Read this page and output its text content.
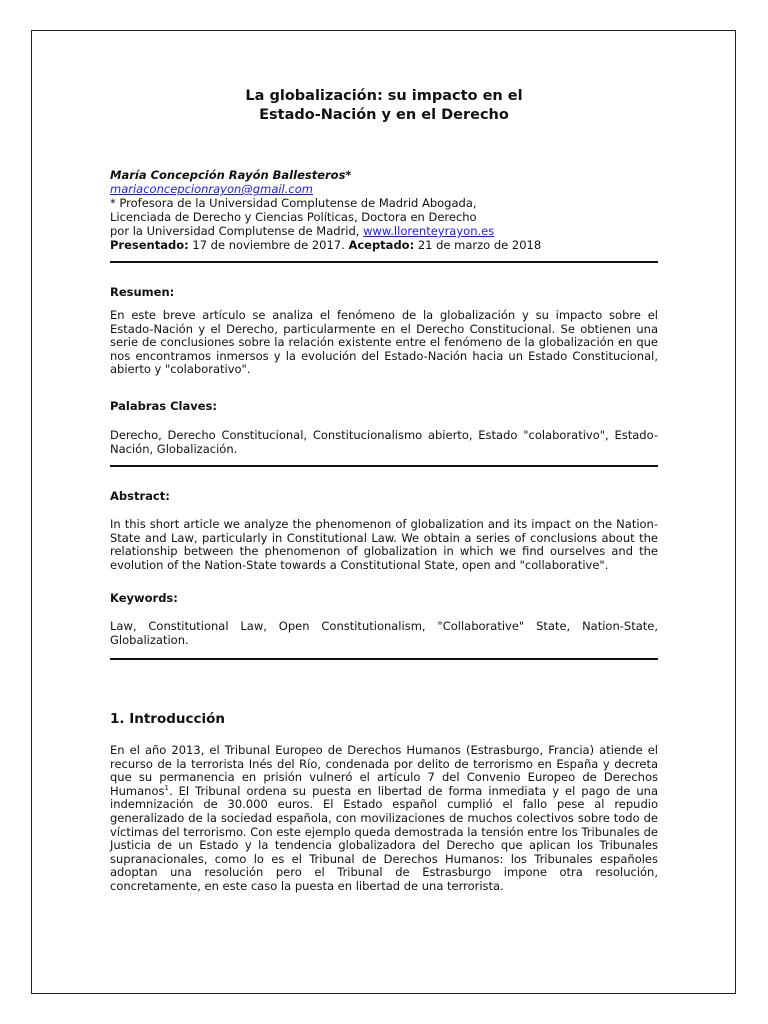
La globalización: su impacto en el
Estado-Nación y en el Derecho
María Concepción Rayón Ballesteros*
mariaconcepcionrayon@gmail.com

* Profesora de la Universidad Complutense de Madrid Abogada,

Licenciada de Derecho y Ciencias Políticas, Doctora en Derecho

por la Universidad Complutense de Madrid, www.llorenteyrayon.es

Presentado: 17 de noviembre de 2017. Aceptado: 21 de marzo de 2018
Resumen:

En este breve artículo se analiza el fenómeno de la globalización y su impacto sobre el Estado-Nación y el Derecho, particularmente en el Derecho Constitucional. Se obtienen una serie de conclusiones sobre la relación existente entre el fenómeno de la globalización en que nos encontramos inmersos y la evolución del Estado-Nación hacia un Estado Constitucional, abierto y "colaborativo".

Palabras Claves:

Derecho, Derecho Constitucional, Constitucionalismo abierto, Estado "colaborativo", Estado-Nación, Globalización.

Abstract:

In this short article we analyze the phenomenon of globalization and its impact on the Nation-State and Law, particularly in Constitutional Law. We obtain a series of conclusions about the relationship between the phenomenon of globalization in which we find ourselves and the evolution of the Nation-State towards a Constitutional State, open and "collaborative".

Keywords:

Law, Constitutional Law, Open Constitutionalism, "Collaborative" State, Nation-State, Globalization.

1. Introducción

En el año 2013, el Tribunal Europeo de Derechos Humanos (Estrasburgo, Francia) atiende el recurso de la terrorista Inés del Río, condenada por delito de terrorismo en España y decreta que su permanencia en prisión vulneró el artículo 7 del Convenio Europeo de Derechos Humanos$^1$. El Tribunal ordena su puesta en libertad de forma inmediata y el pago de una indemnización de 30.000 euros. El Estado español cumplió el fallo pese al repudio generalizado de la sociedad española, con movilizaciones de muchos colectivos sobre todo de víctimas del terrorismo. Con este ejemplo queda demostrada la tensión entre los Tribunales de Justicia de un Estado y la tendencia globalizadora del Derecho que aplican los Tribunales supranacionales, como lo es el Tribunal de Derechos Humanos: los Tribunales españoles adoptan una resolución pero el Tribunal de Estrasburgo impone otra resolución, concretamente, en este caso la puesta en libertad de una terrorista.
